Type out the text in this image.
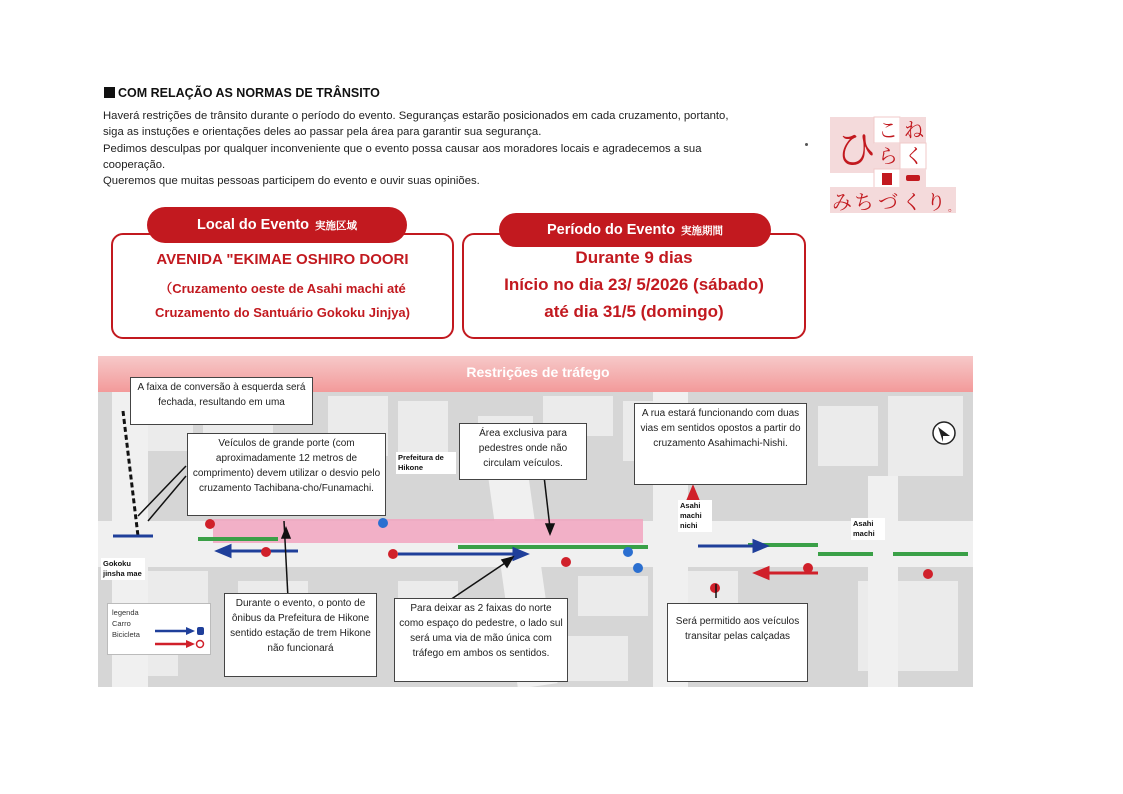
COM RELAÇÃO AS NORMAS DE TRÂNSITO

Haverá restrições de trânsito durante o período do evento. Seguranças estarão posicionados em cada cruzamento, portanto,

siga as instuções e orientações deles ao passar pela área para garantir sua segurança.

Pedimos desculpas por qualquer inconveniente que o evento possa causar aos moradores locais e agradecemos a sua

cooperação.

Queremos que muitas pessoas participem do evento e ouvir suas opiniões.

ひ こ ね
ら く
み ち づ く り 。
Local do Evento 実施区域
AVENIDA "EKIMAE OSHIRO DOORI
（Cruzamento oeste de Asahi machi até
Cruzamento do Santuário Gokoku Jinjya)
Período do Evento 実施期間
Durante 9 dias
Início no dia 23/ 5/2026 (sábado)
até dia 31/5 (domingo)
Restrições de tráfego
A faixa de conversão à esquerda será fechada, resultando em uma
Veículos de grande porte (com aproximadamente 12 metros de comprimento) devem utilizar o desvio pelo cruzamento Tachibana-cho/Funamachi.
Área exclusiva para pedestres onde não circulam veículos.
A rua estará funcionando com duas vias em sentidos opostos a partir do cruzamento Asahimachi-Nishi.
Durante o evento, o ponto de ônibus da Prefeitura de Hikone sentido estação de trem Hikone não funcionará
Para deixar as 2 faixas do norte como espaço do pedestre, o lado sul será uma via de mão única com tráfego em ambos os sentidos.
Será permitido aos veículos transitar pelas calçadas
Prefeitura de Hikone
Asahi machi nichi	Asahi machi
Gokoku jinsha mae
legenda
Carro
Bicicleta
